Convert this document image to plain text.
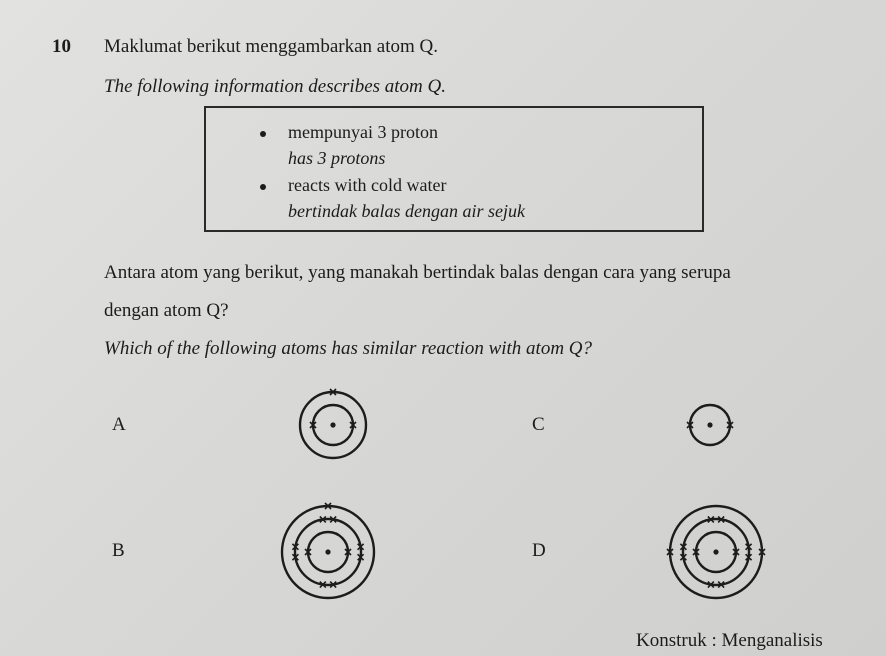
10 Maklumat berikut menggambarkan atom Q.
The following information describes atom Q.
mempunyai 3 proton
has 3 protons
reacts with cold water
bertindak balas dengan air sejuk
Antara atom yang berikut, yang manakah bertindak balas dengan cara yang serupa
dengan atom Q?
Which of the following atoms has similar reaction with atom Q?
A	C
B	D
Konstruk : Menganalisis
